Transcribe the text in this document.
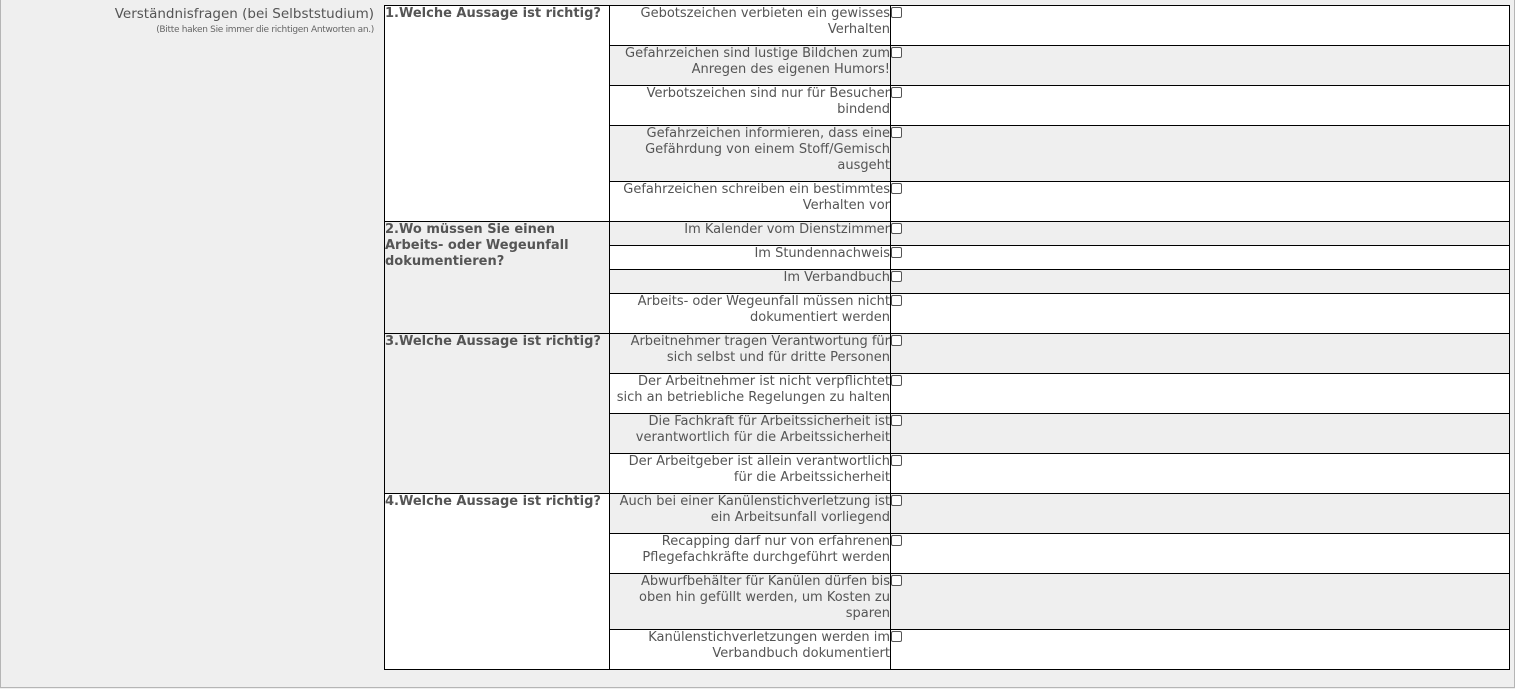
Verständnisfragen (bei Selbststudium)
(Bitte haken Sie immer die richtigen Antworten an.)
1.Welche Aussage ist richtig?	Gebotszeichen verbieten ein gewisses Verhalten	
	Gefahrzeichen sind lustige Bildchen zum Anregen des eigenen Humors!	
	Verbotszeichen sind nur für Besucher bindend	
	Gefahrzeichen informieren, dass eine Gefährdung von einem Stoff/Gemisch ausgeht	
	Gefahrzeichen schreiben ein bestimmtes Verhalten vor	
2.Wo müssen Sie einen Arbeits- oder Wegeunfall dokumentieren?	Im Kalender vom Dienstzimmer	
	Im Stundennachweis	
	Im Verbandbuch	
	Arbeits- oder Wegeunfall müssen nicht dokumentiert werden	
3.Welche Aussage ist richtig?	Arbeitnehmer tragen Verantwortung für sich selbst und für dritte Personen	
	Der Arbeitnehmer ist nicht verpflichtet sich an betriebliche Regelungen zu halten	
	Die Fachkraft für Arbeitssicherheit ist verantwortlich für die Arbeitssicherheit	
	Der Arbeitgeber ist allein verantwortlich für die Arbeitssicherheit	
4.Welche Aussage ist richtig?	Auch bei einer Kanülenstichverletzung ist ein Arbeitsunfall vorliegend	
	Recapping darf nur von erfahrenen Pflegefachkräfte durchgeführt werden	
	Abwurfbehälter für Kanülen dürfen bis oben hin gefüllt werden, um Kosten zu sparen	
	Kanülenstichverletzungen werden im Verbandbuch dokumentiert	
